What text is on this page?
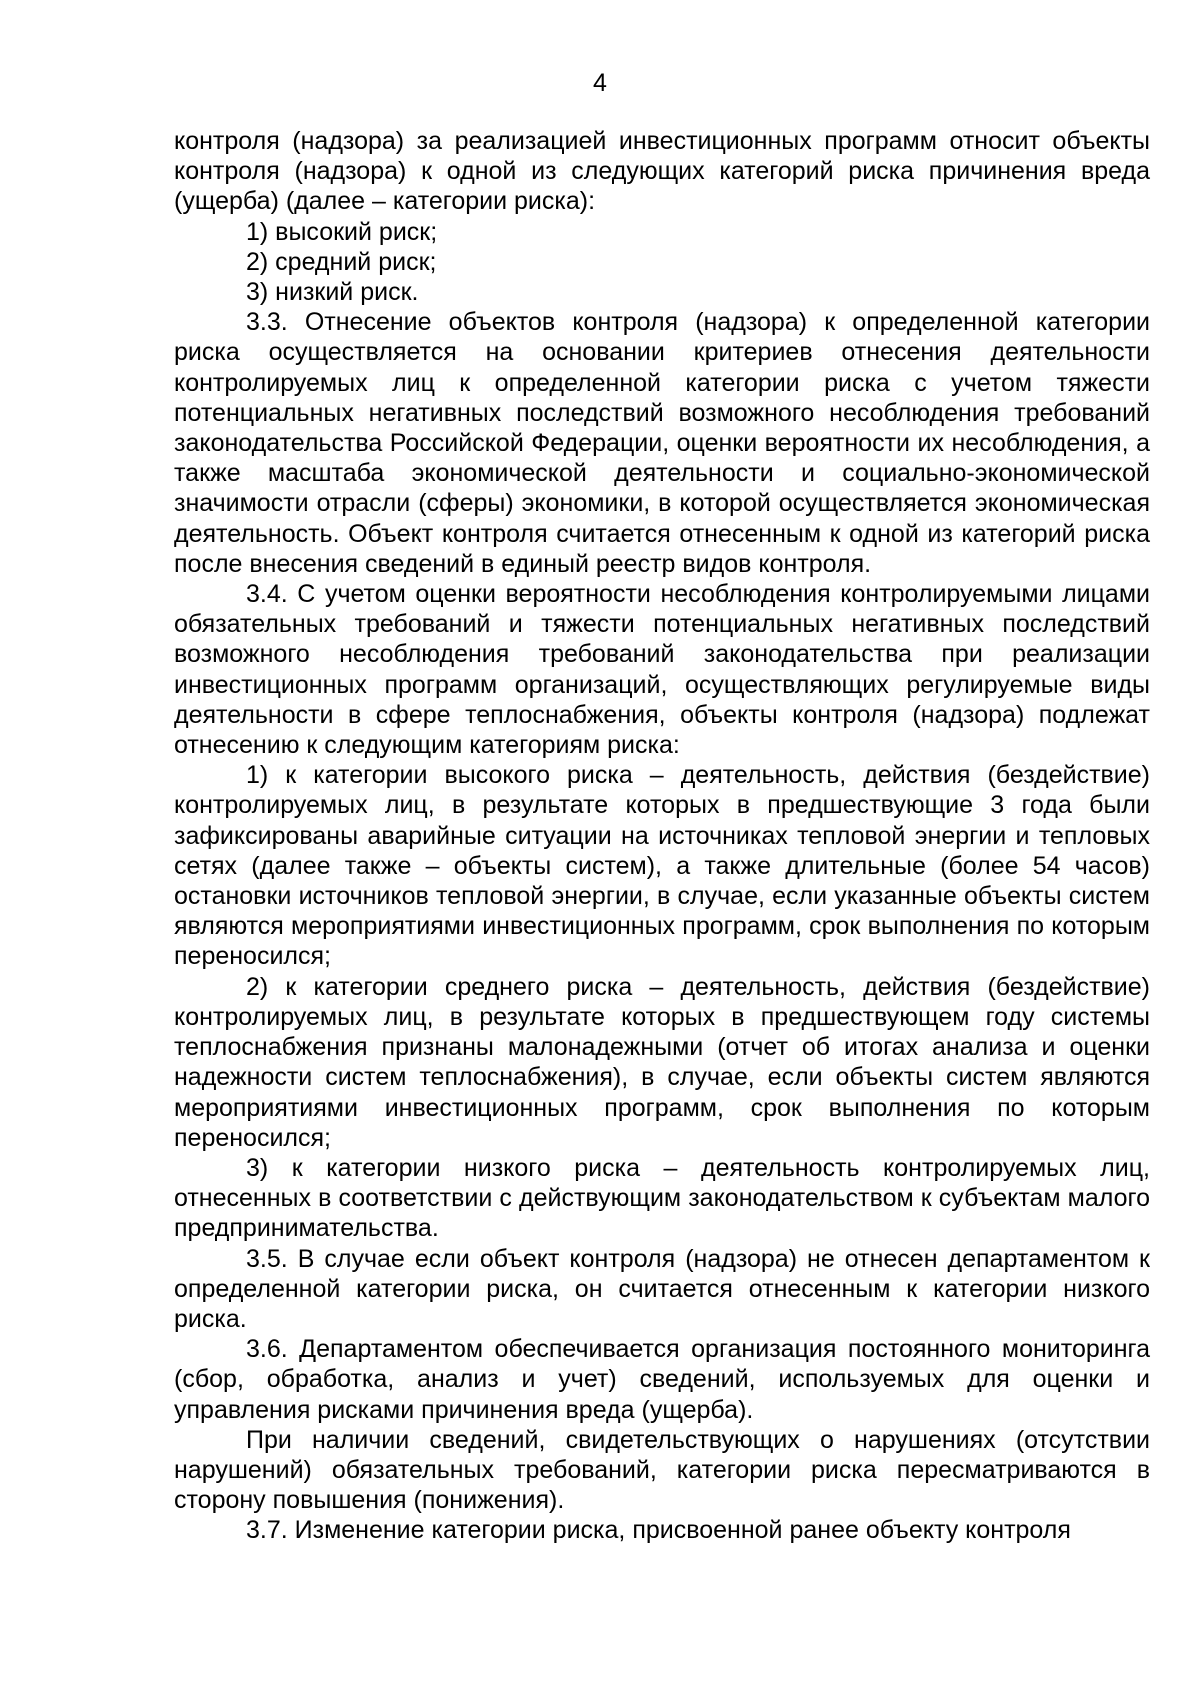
4

контроля (надзора) за реализацией инвестиционных программ относит объекты контроля (надзора) к одной из следующих категорий риска причинения вреда (ущерба) (далее – категории риска):

1) высокий риск;

2) средний риск;

3) низкий риск.

3.3. Отнесение объектов контроля (надзора) к определенной категории риска осуществляется на основании критериев отнесения деятельности контролируемых лиц к определенной категории риска с учетом тяжести потенциальных негативных последствий возможного несоблюдения требований законодательства Российской Федерации, оценки вероятности их несоблюдения, а также масштаба экономической деятельности и социально-экономической значимости отрасли (сферы) экономики, в которой осуществляется экономическая деятельность. Объект контроля считается отнесенным к одной из категорий риска после внесения сведений в единый реестр видов контроля.

3.4. С учетом оценки вероятности несоблюдения контролируемыми лицами обязательных требований и тяжести потенциальных негативных последствий возможного несоблюдения требований законодательства при реализации инвестиционных программ организаций, осуществляющих регулируемые виды деятельности в сфере теплоснабжения, объекты контроля (надзора) подлежат отнесению к следующим категориям риска:

1) к категории высокого риска – деятельность, действия (бездействие) контролируемых лиц, в результате которых в предшествующие 3 года были зафиксированы аварийные ситуации на источниках тепловой энергии и тепловых сетях (далее также – объекты систем), а также длительные (более 54 часов) остановки источников тепловой энергии, в случае, если указанные объекты систем являются мероприятиями инвестиционных программ, срок выполнения по которым переносился;

2) к категории среднего риска – деятельность, действия (бездействие) контролируемых лиц, в результате которых в предшествующем году системы теплоснабжения признаны малонадежными (отчет об итогах анализа и оценки надежности систем теплоснабжения), в случае, если объекты систем являются мероприятиями инвестиционных программ, срок выполнения по которым переносился;

3) к категории низкого риска – деятельность контролируемых лиц, отнесенных в соответствии с действующим законодательством к субъектам малого предпринимательства.

3.5. В случае если объект контроля (надзора) не отнесен департаментом к определенной категории риска, он считается отнесенным к категории низкого риска.

3.6. Департаментом обеспечивается организация постоянного мониторинга (сбор, обработка, анализ и учет) сведений, используемых для оценки и управления рисками причинения вреда (ущерба).

При наличии сведений, свидетельствующих о нарушениях (отсутствии нарушений) обязательных требований, категории риска пересматриваются в сторону повышения (понижения).

3.7. Изменение категории риска, присвоенной ранее объекту контроля
